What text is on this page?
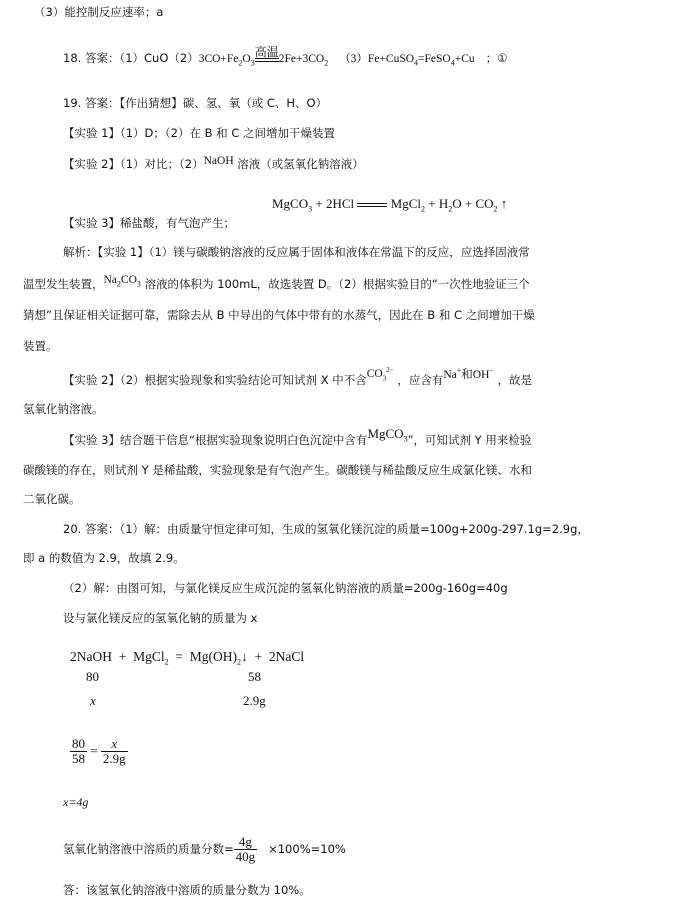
（3）能控制反应速率；a
18. 答案：$(1)CuO(2)3CO+Fe_2O_3$
高温 $2Fe+3CO_2$ （3）Fe+CuSO$_4$=FeSO$_4$+Cu ；①
19. 答案：【作出猜想】碳、氢、氧（或 C、H、O）
【实验 1】（1）D；（2）在 B 和 C 之间增加干燥装置
【实验 2】（1）对比；（2）NaOH 溶液（或氢氧化钠溶液）
MgCO$_3$ + 2HCl  MgCl$_2$ + $H_2O + CO_2$ ↑
【实验 3】稀盐酸，有气泡产生；
解析：【实验 1】（1）镁与碳酸钠溶液的反应属于固体和液体在常温下的反应，应选择固液常
温型发生装置，$Na_2CO_3$ 溶液的体积为 100mL，故选装置 D。（2）根据实验目的“一次性地验证三个
猜想”且保证相关证据可靠，需除去从 B 中导出的气体中带有的水蒸气，因此在 B 和 C 之间增加干燥
装置。
【实验 2】（2）根据实验现象和实验结论可知试剂 X 中不含$CO_3^{2-}$ ，应含有Na+和OH− ，故是
氢氧化钠溶液。
【实验 3】结合题干信息“根据实验现象说明白色沉淀中含有MgCO$_3$”，可知试剂 Y 用来检验
碳酸镁的存在，则试剂 Y 是稀盐酸，实验现象是有气泡产生。碳酸镁与稀盐酸反应生成氯化镁、水和
二氧化碳。
20. 答案：（1）解：由质量守恒定律可知，生成的氢氧化镁沉淀的质量=100g+200g-297.1g=2.9g，
即 a 的数值为 2.9，故填 2.9。
（2）解：由图可知，与氯化镁反应生成沉淀的氢氧化钠溶液的质量=200g-160g=40g
设与氯化镁反应的氢氧化钠的质量为 x
2NaOH  +  MgCl$_2$  =  $Mg(OH)_2↓$  +  2NaCl
80	58
x	2.9g
$\frac{80}{58} = \frac{x}{2.9g}$
x=4g
氢氧化钠溶液中溶质的质量分数= $\frac{4g}{40g} \times 100\%=10\%$
答：该氢氧化钠溶液中溶质的质量分数为 10%。
